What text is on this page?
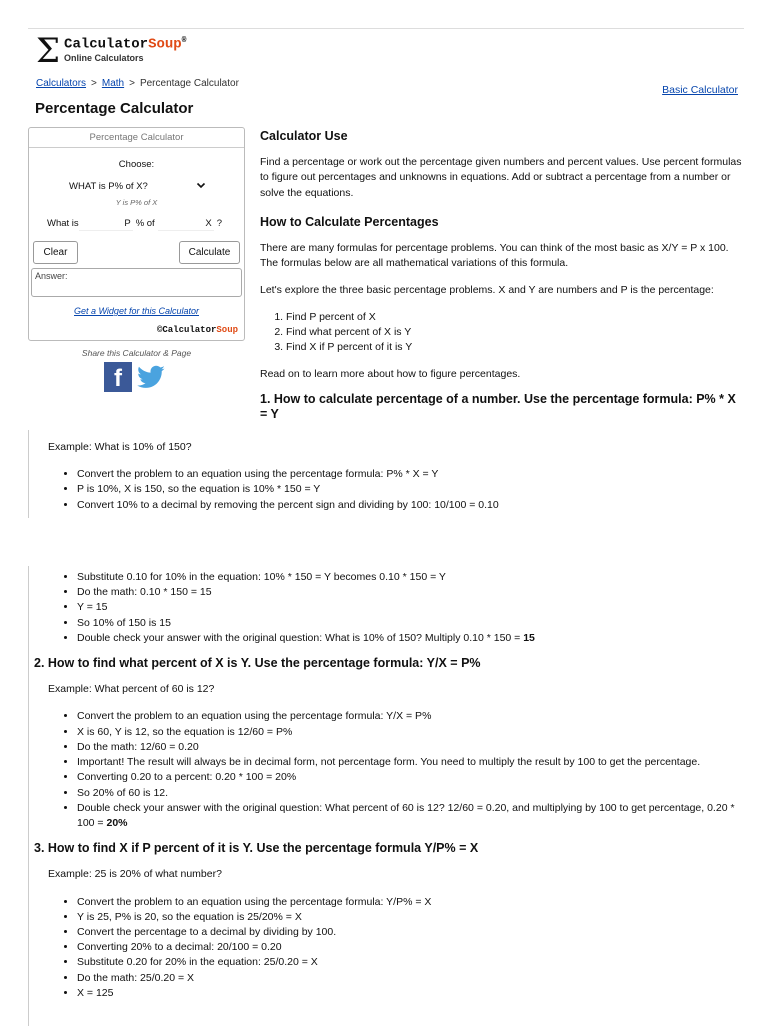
Σ CalculatorSoup®
Online Calculators
Calculators > Math > Percentage Calculator
Basic Calculator
Percentage Calculator
Percentage Calculator
Choose:
WHAT is P% of X?
Y is P% of X
What is	P % of	X ?
Clear	Calculate
Answer:
Get a Widget for this Calculator
©CalculatorSoup
Share this Calculator & Page
f
Calculator Use

Find a percentage or work out the percentage given numbers and percent values. Use percent formulas to figure out percentages and unknowns in equations. Add or subtract a percentage from a number or solve the equations.

How to Calculate Percentages

There are many formulas for percentage problems. You can think of the most basic as X/Y = P x 100. The formulas below are all mathematical variations of this formula.

Let's explore the three basic percentage problems. X and Y are numbers and P is the percentage:

1. Find P percent of X
2. Find what percent of X is Y
3. Find X if P percent of it is Y

Read on to learn more about how to figure percentages.

1. How to calculate percentage of a number. Use the percentage formula: P% * X = Y

Example: What is 10% of 150?

• Convert the problem to an equation using the percentage formula: P% * X = Y
• P is 10%, X is 150, so the equation is 10% * 150 = Y
• Convert 10% to a decimal by removing the percent sign and dividing by 100: 10/100 = 0.10
• Substitute 0.10 for 10% in the equation: 10% * 150 = Y becomes 0.10 * 150 = Y
• Do the math: 0.10 * 150 = 15
• Y = 15
• So 10% of 150 is 15
• Double check your answer with the original question: What is 10% of 150? Multiply 0.10 * 150 = 15
2. How to find what percent of X is Y. Use the percentage formula: Y/X = P%

Example: What percent of 60 is 12?

• Convert the problem to an equation using the percentage formula: Y/X = P%
• X is 60, Y is 12, so the equation is 12/60 = P%
• Do the math: 12/60 = 0.20
• Important! The result will always be in decimal form, not percentage form. You need to multiply the result by 100 to get the percentage.
• Converting 0.20 to a percent: 0.20 * 100 = 20%
• So 20% of 60 is 12.
• Double check your answer with the original question: What percent of 60 is 12? 12/60 = 0.20, and multiplying by 100 to get percentage, 0.20 * 100 = 20%
3. How to find X if P percent of it is Y. Use the percentage formula Y/P% = X

Example: 25 is 20% of what number?

• Convert the problem to an equation using the percentage formula: Y/P% = X
• Y is 25, P% is 20, so the equation is 25/20% = X
• Convert the percentage to a decimal by dividing by 100.
• Converting 20% to a decimal: 20/100 = 0.20
• Substitute 0.20 for 20% in the equation: 25/0.20 = X
• Do the math: 25/0.20 = X
• X = 125
